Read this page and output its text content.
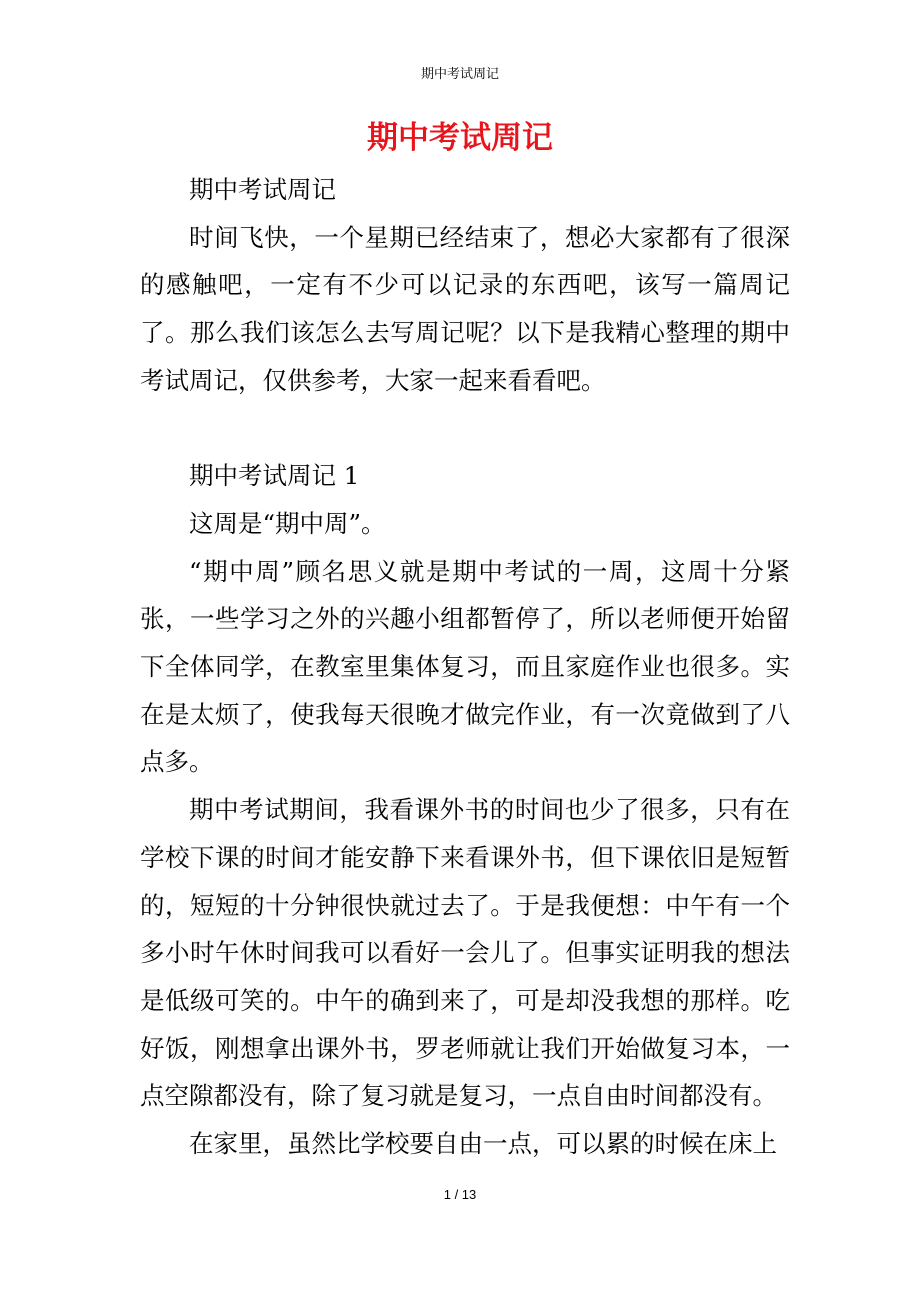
期中考试周记
期中考试周记

期中考试周记

时间飞快，一个星期已经结束了，想必大家都有了很深的感触吧，一定有不少可以记录的东西吧，该写一篇周记了。那么我们该怎么去写周记呢？以下是我精心整理的期中考试周记，仅供参考，大家一起来看看吧。

期中考试周记 1

这周是“期中周”。

“期中周”顾名思义就是期中考试的一周，这周十分紧张，一些学习之外的兴趣小组都暂停了，所以老师便开始留下全体同学，在教室里集体复习，而且家庭作业也很多。实在是太烦了，使我每天很晚才做完作业，有一次竟做到了八点多。

期中考试期间，我看课外书的时间也少了很多，只有在学校下课的时间才能安静下来看课外书，但下课依旧是短暂的，短短的十分钟很快就过去了。于是我便想：中午有一个多小时午休时间我可以看好一会儿了。但事实证明我的想法是低级可笑的。中午的确到来了，可是却没我想的那样。吃好饭，刚想拿出课外书，罗老师就让我们开始做复习本，一点空隙都没有，除了复习就是复习，一点自由时间都没有。

在家里，虽然比学校要自由一点，可以累的时候在床上

1 / 13
